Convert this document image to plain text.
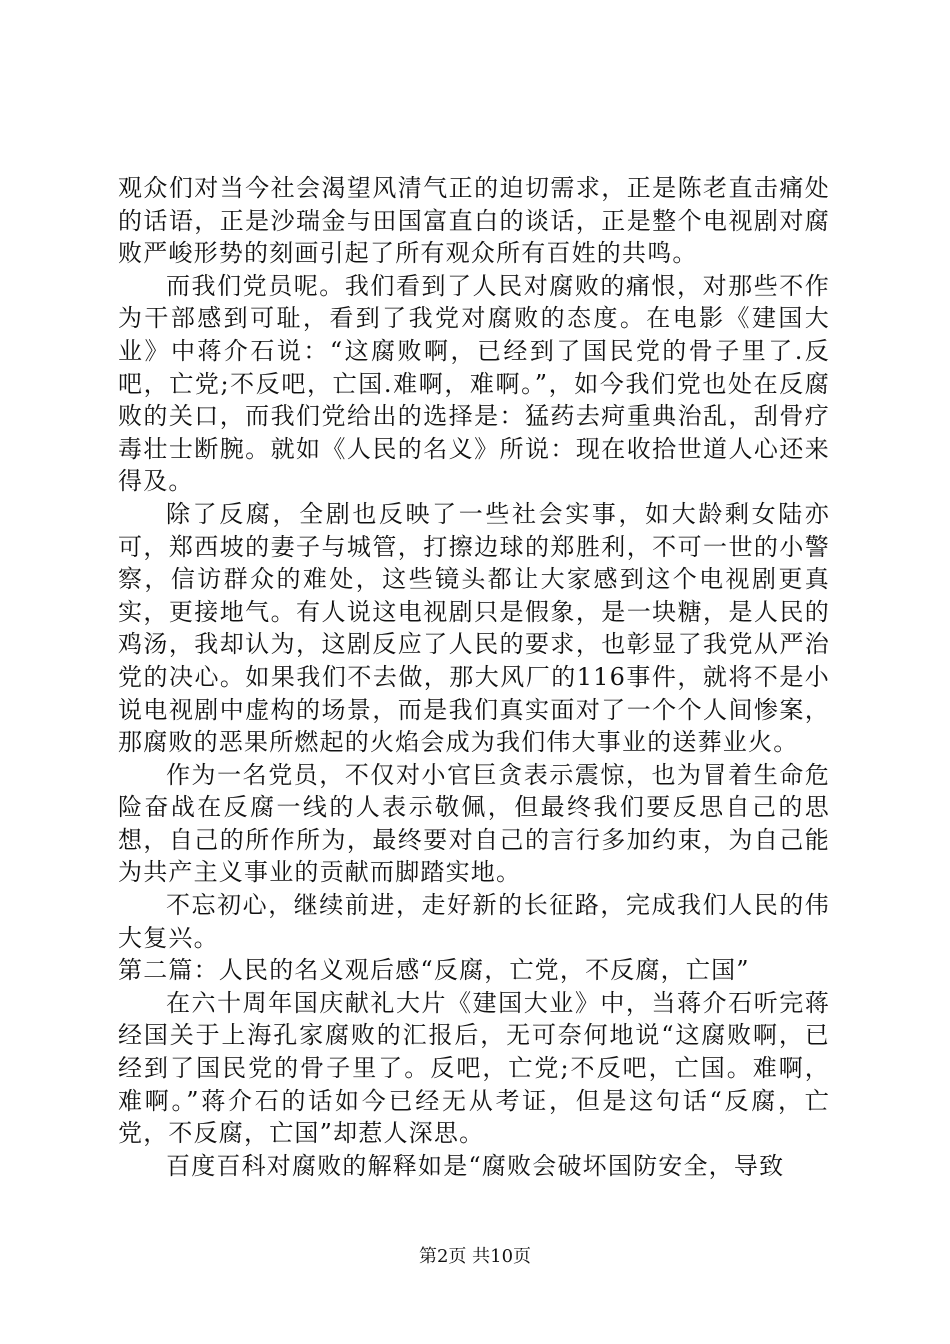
观众们对当今社会渴望风清气正的迫切需求，正是陈老直击痛处的话语，正是沙瑞金与田国富直白的谈话，正是整个电视剧对腐败严峻形势的刻画引起了所有观众所有百姓的共鸣。

而我们党员呢。我们看到了人民对腐败的痛恨，对那些不作为干部感到可耻，看到了我党对腐败的态度。在电影《建国大业》中蒋介石说：“这腐败啊，已经到了国民党的骨子里了.反吧，亡党;不反吧，亡国.难啊，难啊。”，如今我们党也处在反腐败的关口，而我们党给出的选择是：猛药去疴重典治乱，刮骨疗毒壮士断腕。就如《人民的名义》所说：现在收拾世道人心还来得及。

除了反腐，全剧也反映了一些社会实事，如大龄剩女陆亦可，郑西坡的妻子与城管，打擦边球的郑胜利，不可一世的小警察，信访群众的难处，这些镜头都让大家感到这个电视剧更真实，更接地气。有人说这电视剧只是假象，是一块糖，是人民的鸡汤，我却认为，这剧反应了人民的要求，也彰显了我党从严治党的决心。如果我们不去做，那大风厂的116事件，就将不是小说电视剧中虚构的场景，而是我们真实面对了一个个人间惨案，那腐败的恶果所燃起的火焰会成为我们伟大事业的送葬业火。

作为一名党员，不仅对小官巨贪表示震惊，也为冒着生命危险奋战在反腐一线的人表示敬佩，但最终我们要反思自己的思想，自己的所作所为，最终要对自己的言行多加约束，为自己能为共产主义事业的贡献而脚踏实地。

不忘初心，继续前进，走好新的长征路，完成我们人民的伟大复兴。

第二篇：人民的名义观后感“反腐，亡党，不反腐，亡国”

在六十周年国庆献礼大片《建国大业》中，当蒋介石听完蒋经国关于上海孔家腐败的汇报后，无可奈何地说“这腐败啊，已经到了国民党的骨子里了。反吧，亡党;不反吧，亡国。难啊，难啊。”蒋介石的话如今已经无从考证，但是这句话“反腐，亡党，不反腐，亡国”却惹人深思。

百度百科对腐败的解释如是“腐败会破坏国防安全，导致

第2页 共10页
